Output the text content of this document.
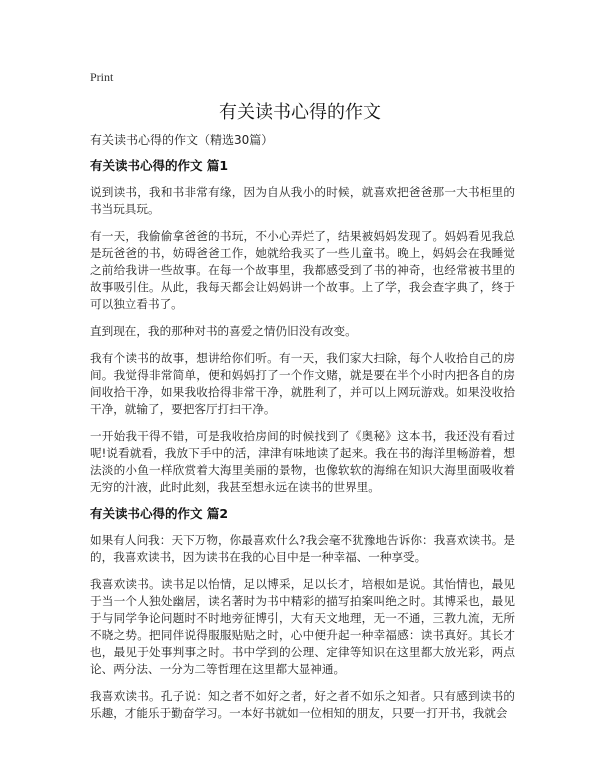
Print
有关读书心得的作文

有关读书心得的作文（精选30篇）

有关读书心得的作文 篇1

说到读书，我和书非常有缘，因为自从我小的时候，就喜欢把爸爸那一大书柜里的书当玩具玩。

有一天，我偷偷拿爸爸的书玩，不小心弄烂了，结果被妈妈发现了。妈妈看见我总是玩爸爸的书，妨碍爸爸工作，她就给我买了一些儿童书。晚上，妈妈会在我睡觉之前给我讲一些故事。在每一个故事里，我都感受到了书的神奇，也经常被书里的故事吸引住。从此，我每天都会让妈妈讲一个故事。上了学，我会查字典了，终于可以独立看书了。

直到现在，我的那种对书的喜爱之情仍旧没有改变。

我有个读书的故事，想讲给你们听。有一天，我们家大扫除，每个人收拾自己的房间。我觉得非常简单，便和妈妈打了一个作文赌，就是要在半个小时内把各自的房间收拾干净，如果我收拾得非常干净，就胜利了，并可以上网玩游戏。如果没收拾干净，就输了，要把客厅打扫干净。

一开始我干得不错，可是我收拾房间的时候找到了《奥秘》这本书，我还没有看过呢!说看就看，我放下手中的活，津津有味地读了起来。我在书的海洋里畅游着，想法淡的小鱼一样欣赏着大海里美丽的景物，也像软软的海绵在知识大海里面吸收着无穷的汁液，此时此刻，我甚至想永远在读书的世界里。

有关读书心得的作文 篇2

如果有人问我：天下万物，你最喜欢什么?我会毫不犹豫地告诉你：我喜欢读书。是的，我喜欢读书，因为读书在我的心目中是一种幸福、一种享受。

我喜欢读书。读书足以怡情，足以博采，足以长才，培根如是说。其怡情也，最见于当一个人独处幽居，读名著时为书中精彩的描写拍案叫绝之时。其博采也，最见于与同学争论问题时不时地旁征博引，大有天文地理，无一不通，三教九流，无所不晓之势。把同伴说得服服贴贴之时，心中便升起一种幸福感：读书真好。其长才也，最见于处事判事之时。书中学到的公理、定律等知识在这里都大放光彩，两点论、两分法、一分为二等哲理在这里都大显神通。

我喜欢读书。孔子说：知之者不如好之者，好之者不如乐之知者。只有感到读书的乐趣，才能乐于勤奋学习。一本好书就如一位相知的朋友，只要一打开书，我就会
